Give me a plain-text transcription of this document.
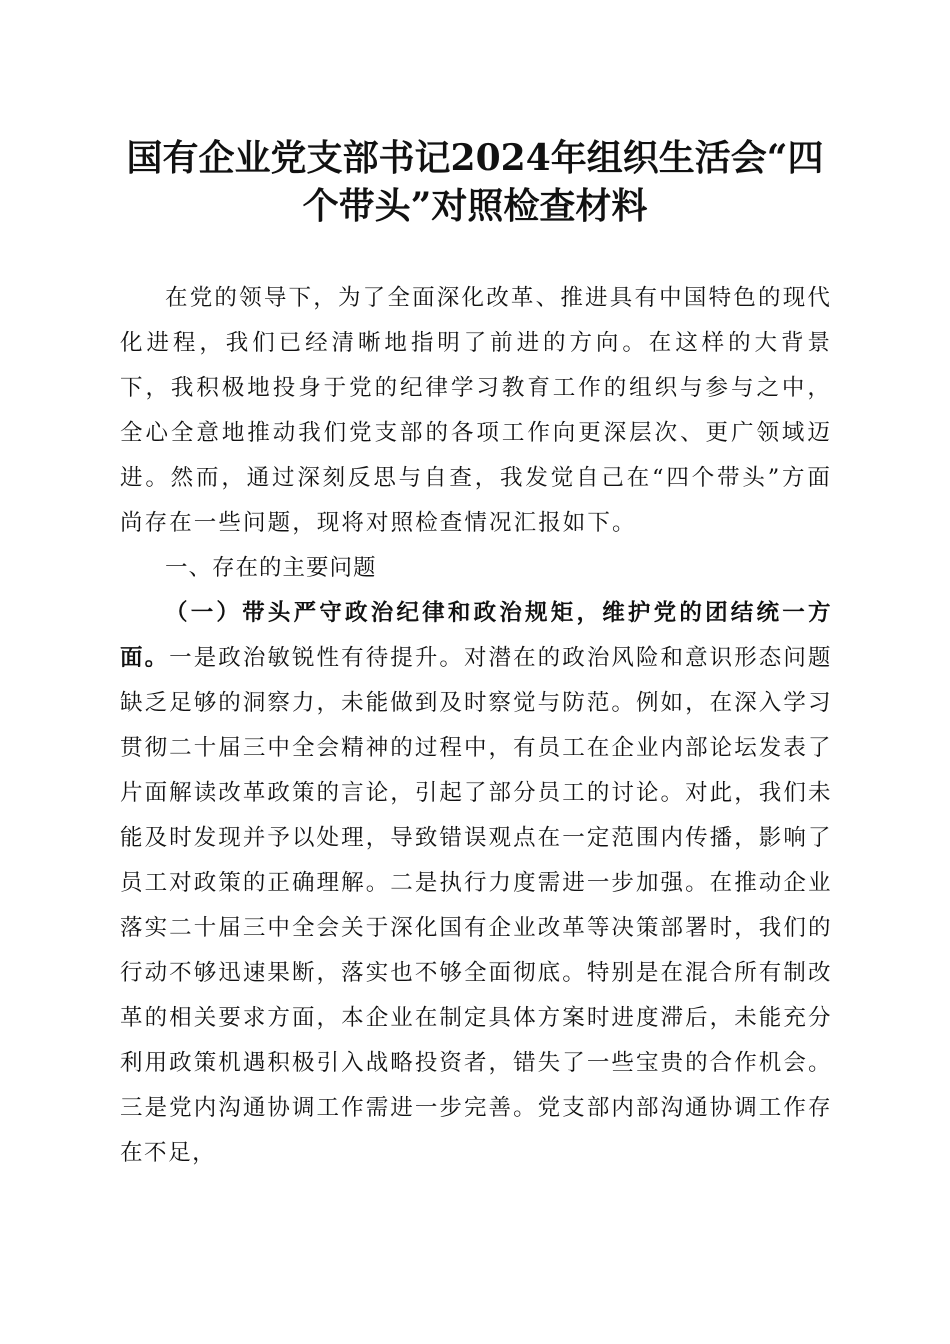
国有企业党支部书记2024年组织生活会“四
个带头”对照检查材料

在党的领导下，为了全面深化改革、推进具有中国特色的现代化进程，我们已经清晰地指明了前进的方向。在这样的大背景下，我积极地投身于党的纪律学习教育工作的组织与参与之中，全心全意地推动我们党支部的各项工作向更深层次、更广领域迈进。然而，通过深刻反思与自查，我发觉自己在“四个带头”方面尚存在一些问题，现将对照检查情况汇报如下。

一、存在的主要问题

（一）带头严守政治纪律和政治规矩，维护党的团结统一方面。一是政治敏锐性有待提升。对潜在的政治风险和意识形态问题缺乏足够的洞察力，未能做到及时察觉与防范。例如，在深入学习贯彻二十届三中全会精神的过程中，有员工在企业内部论坛发表了片面解读改革政策的言论，引起了部分员工的讨论。对此，我们未能及时发现并予以处理，导致错误观点在一定范围内传播，影响了员工对政策的正确理解。二是执行力度需进一步加强。在推动企业落实二十届三中全会关于深化国有企业改革等决策部署时，我们的行动不够迅速果断，落实也不够全面彻底。特别是在混合所有制改革的相关要求方面，本企业在制定具体方案时进度滞后，未能充分利用政策机遇积极引入战略投资者，错失了一些宝贵的合作机会。三是党内沟通协调工作需进一步完善。党支部内部沟通协调工作存在不足，
